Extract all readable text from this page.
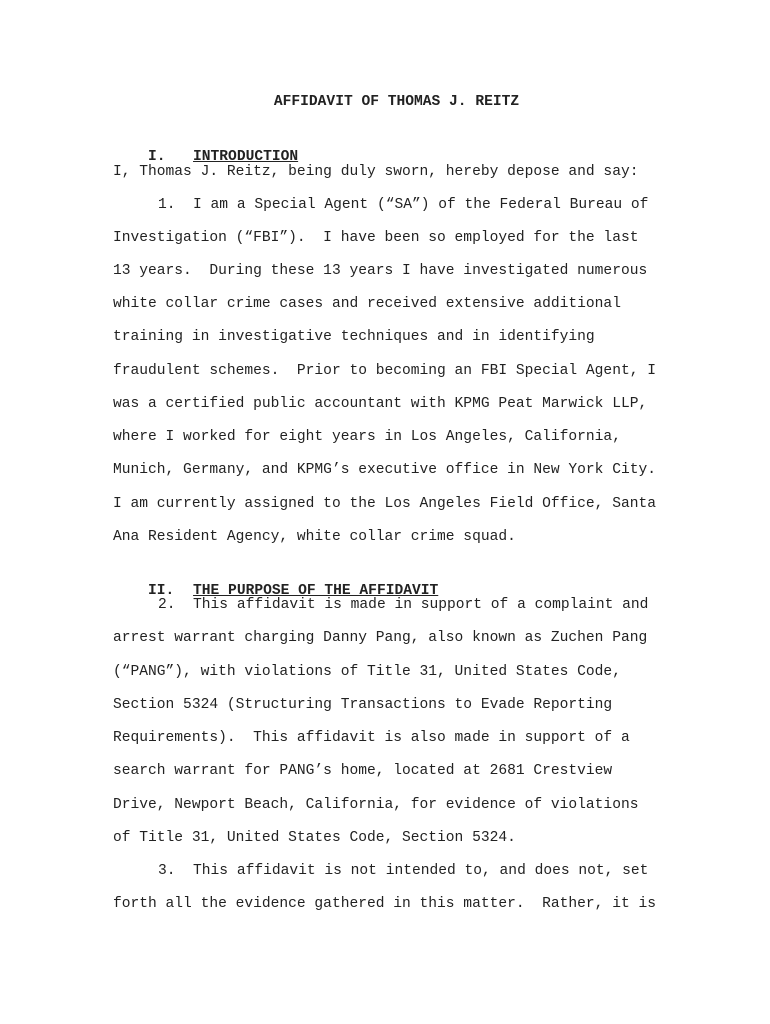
AFFIDAVIT OF THOMAS J. REITZ

I. INTRODUCTION

I, Thomas J. Reitz, being duly sworn, hereby depose and say:
1.  I am a Special Agent (“SA”) of the Federal Bureau of
Investigation (“FBI”).  I have been so employed for the last
13 years.  During these 13 years I have investigated numerous
white collar crime cases and received extensive additional
training in investigative techniques and in identifying
fraudulent schemes.  Prior to becoming an FBI Special Agent, I
was a certified public accountant with KPMG Peat Marwick LLP,
where I worked for eight years in Los Angeles, California,
Munich, Germany, and KPMG’s executive office in New York City.
I am currently assigned to the Los Angeles Field Office, Santa
Ana Resident Agency, white collar crime squad.

II. THE PURPOSE OF THE AFFIDAVIT

2.  This affidavit is made in support of a complaint and
arrest warrant charging Danny Pang, also known as Zuchen Pang
(“PANG”), with violations of Title 31, United States Code,
Section 5324 (Structuring Transactions to Evade Reporting
Requirements).  This affidavit is also made in support of a
search warrant for PANG’s home, located at 2681 Crestview
Drive, Newport Beach, California, for evidence of violations
of Title 31, United States Code, Section 5324.
3.  This affidavit is not intended to, and does not, set
forth all the evidence gathered in this matter.  Rather, it is
